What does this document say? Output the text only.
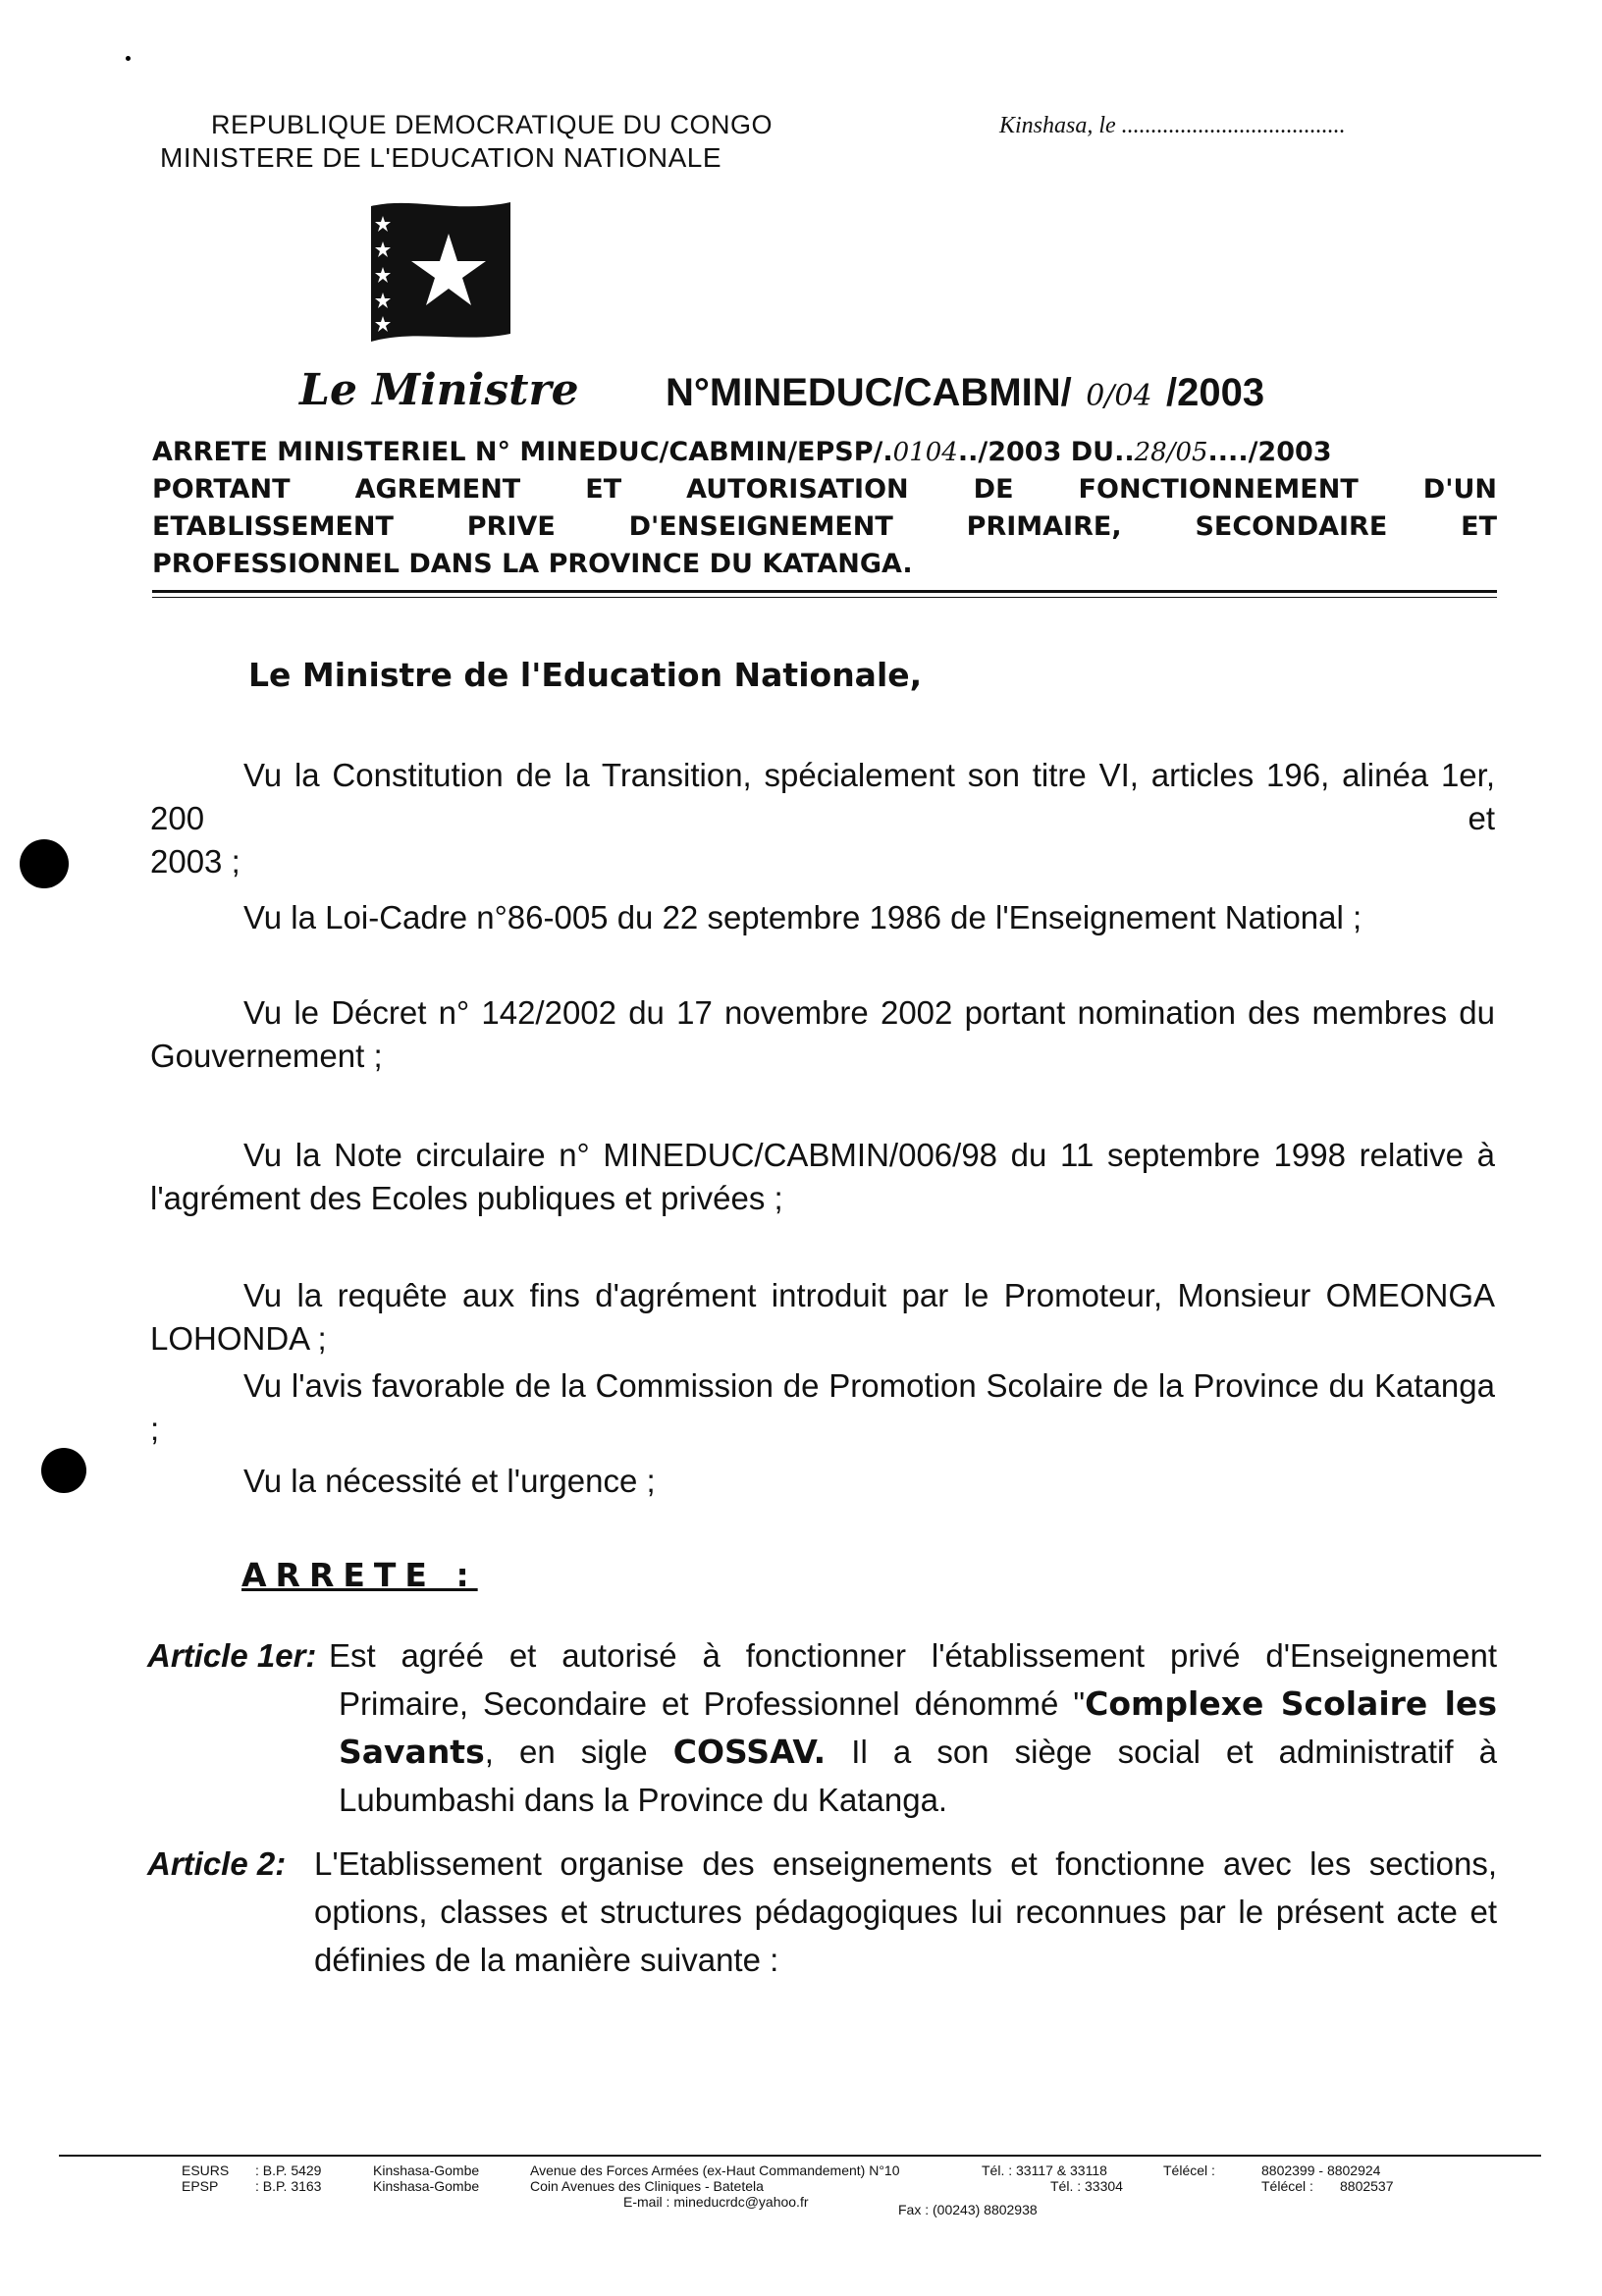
REPUBLIQUE DEMOCRATIQUE DU CONGO
MINISTERE DE L'EDUCATION NATIONALE
Kinshasa, le ......................................
Le Ministre N°MINEDUC/CABMIN/ 0/04 /2003
ARRETE MINISTERIEL N° MINEDUC/CABMIN/EPSP/.0104../2003 DU..28/05..../2003
PORTANT AGREMENT ET AUTORISATION DE FONCTIONNEMENT D'UN
ETABLISSEMENT PRIVE D'ENSEIGNEMENT PRIMAIRE, SECONDAIRE ET
PROFESSIONNEL DANS LA PROVINCE DU KATANGA.
Le Ministre de l'Education Nationale,
Vu la Constitution de la Transition, spécialement son titre VI, articles 196, alinéa 1er, 200 et
2003 ;
Vu la Loi-Cadre n°86-005 du 22 septembre 1986 de l'Enseignement National ;
Vu le Décret n° 142/2002 du 17 novembre 2002 portant nomination des membres du
Gouvernement ;
Vu la Note circulaire n° MINEDUC/CABMIN/006/98 du 11 septembre 1998 relative à
l'agrément des Ecoles publiques et privées ;
Vu la requête aux fins d'agrément introduit par le Promoteur, Monsieur OMEONGA
LOHONDA ;
Vu l'avis favorable de la Commission de Promotion Scolaire de la Province du Katanga ;
Vu la nécessité et l'urgence ;
ARRETE :
Article 1er: Est agréé et autorisé à fonctionner l'établissement privé d'Enseignement Primaire, Secondaire et Professionnel dénommé "Complexe Scolaire les Savants, en sigle COSSAV. Il a son siège social et administratif à Lubumbashi dans la Province du Katanga.
Article 2: L'Etablissement organise des enseignements et fonctionne avec les sections, options, classes et structures pédagogiques lui reconnues par le présent acte et définies de la manière suivante :
ESURS : B.P. 5429	Kinshasa-Gombe	Avenue des Forces Armées (ex-Haut Commandement) N°10	Tél. : 33117 & 33118	Télécel :	8802399 - 8802924
EPSP	: B.P. 3163	Kinshasa-Gombe	Coin Avenues des Cliniques - Batetela	Tél. : 33304	Télécel : 8802537
E-mail : mineducrdc@yahoo.fr	Fax : (00243) 8802938
